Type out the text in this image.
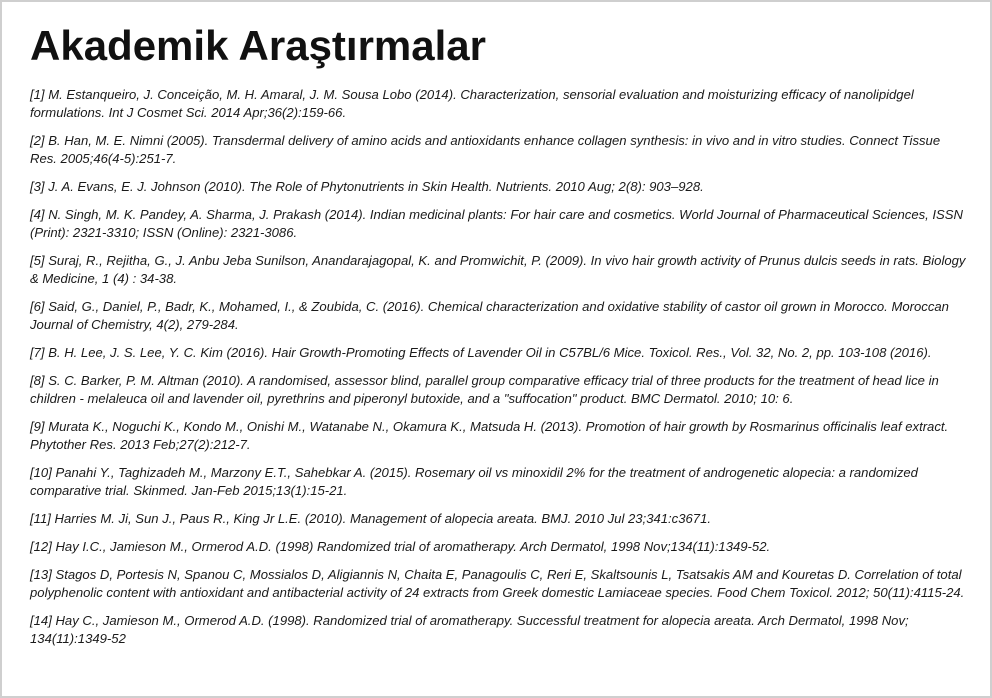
Akademik Araştırmalar
[1] M. Estanqueiro, J. Conceição, M. H. Amaral, J. M. Sousa Lobo (2014). Characterization, sensorial evaluation and moisturizing efficacy of nanolipidgel formulations. Int J Cosmet Sci. 2014 Apr;36(2):159-66.
[2] B. Han, M. E. Nimni (2005). Transdermal delivery of amino acids and antioxidants enhance collagen synthesis: in vivo and in vitro studies. Connect Tissue Res. 2005;46(4-5):251-7.
[3] J. A. Evans, E. J. Johnson (2010). The Role of Phytonutrients in Skin Health. Nutrients. 2010 Aug; 2(8): 903–928.
[4] N. Singh, M. K. Pandey, A. Sharma, J. Prakash (2014). Indian medicinal plants: For hair care and cosmetics. World Journal of Pharmaceutical Sciences, ISSN (Print): 2321-3310; ISSN (Online): 2321-3086.
[5] Suraj, R., Rejitha, G., J. Anbu Jeba Sunilson, Anandarajagopal, K. and Promwichit, P. (2009). In vivo hair growth activity of Prunus dulcis seeds in rats. Biology & Medicine, 1 (4) : 34-38.
[6] Said, G., Daniel, P., Badr, K., Mohamed, I., & Zoubida, C. (2016). Chemical characterization and oxidative stability of castor oil grown in Morocco. Moroccan Journal of Chemistry, 4(2), 279-284.
[7] B. H. Lee, J. S. Lee, Y. C. Kim (2016). Hair Growth-Promoting Effects of Lavender Oil in C57BL/6 Mice. Toxicol. Res., Vol. 32, No. 2, pp. 103-108 (2016).
[8] S. C. Barker, P. M. Altman (2010). A randomised, assessor blind, parallel group comparative efficacy trial of three products for the treatment of head lice in children - melaleuca oil and lavender oil, pyrethrins and piperonyl butoxide, and a "suffocation" product. BMC Dermatol. 2010; 10: 6.
[9] Murata K., Noguchi K., Kondo M., Onishi M., Watanabe N., Okamura K., Matsuda H. (2013). Promotion of hair growth by Rosmarinus officinalis leaf extract. Phytother Res. 2013 Feb;27(2):212-7.
[10] Panahi Y., Taghizadeh M., Marzony E.T., Sahebkar A. (2015). Rosemary oil vs minoxidil 2% for the treatment of androgenetic alopecia: a randomized comparative trial. Skinmed. Jan-Feb 2015;13(1):15-21.
[11] Harries M. Ji, Sun J., Paus R., King Jr L.E. (2010). Management of alopecia areata. BMJ. 2010 Jul 23;341:c3671.
[12] Hay I.C., Jamieson M., Ormerod A.D. (1998) Randomized trial of aromatherapy. Arch Dermatol, 1998 Nov;134(11):1349-52.
[13] Stagos D, Portesis N, Spanou C, Mossialos D, Aligiannis N, Chaita E, Panagoulis C, Reri E, Skaltsounis L, Tsatsakis AM and Kouretas D. Correlation of total polyphenolic content with antioxidant and antibacterial activity of 24 extracts from Greek domestic Lamiaceae species. Food Chem Toxicol. 2012; 50(11):4115-24.
[14] Hay C., Jamieson M., Ormerod A.D. (1998). Randomized trial of aromatherapy. Successful treatment for alopecia areata. Arch Dermatol, 1998 Nov; 134(11):1349-52
